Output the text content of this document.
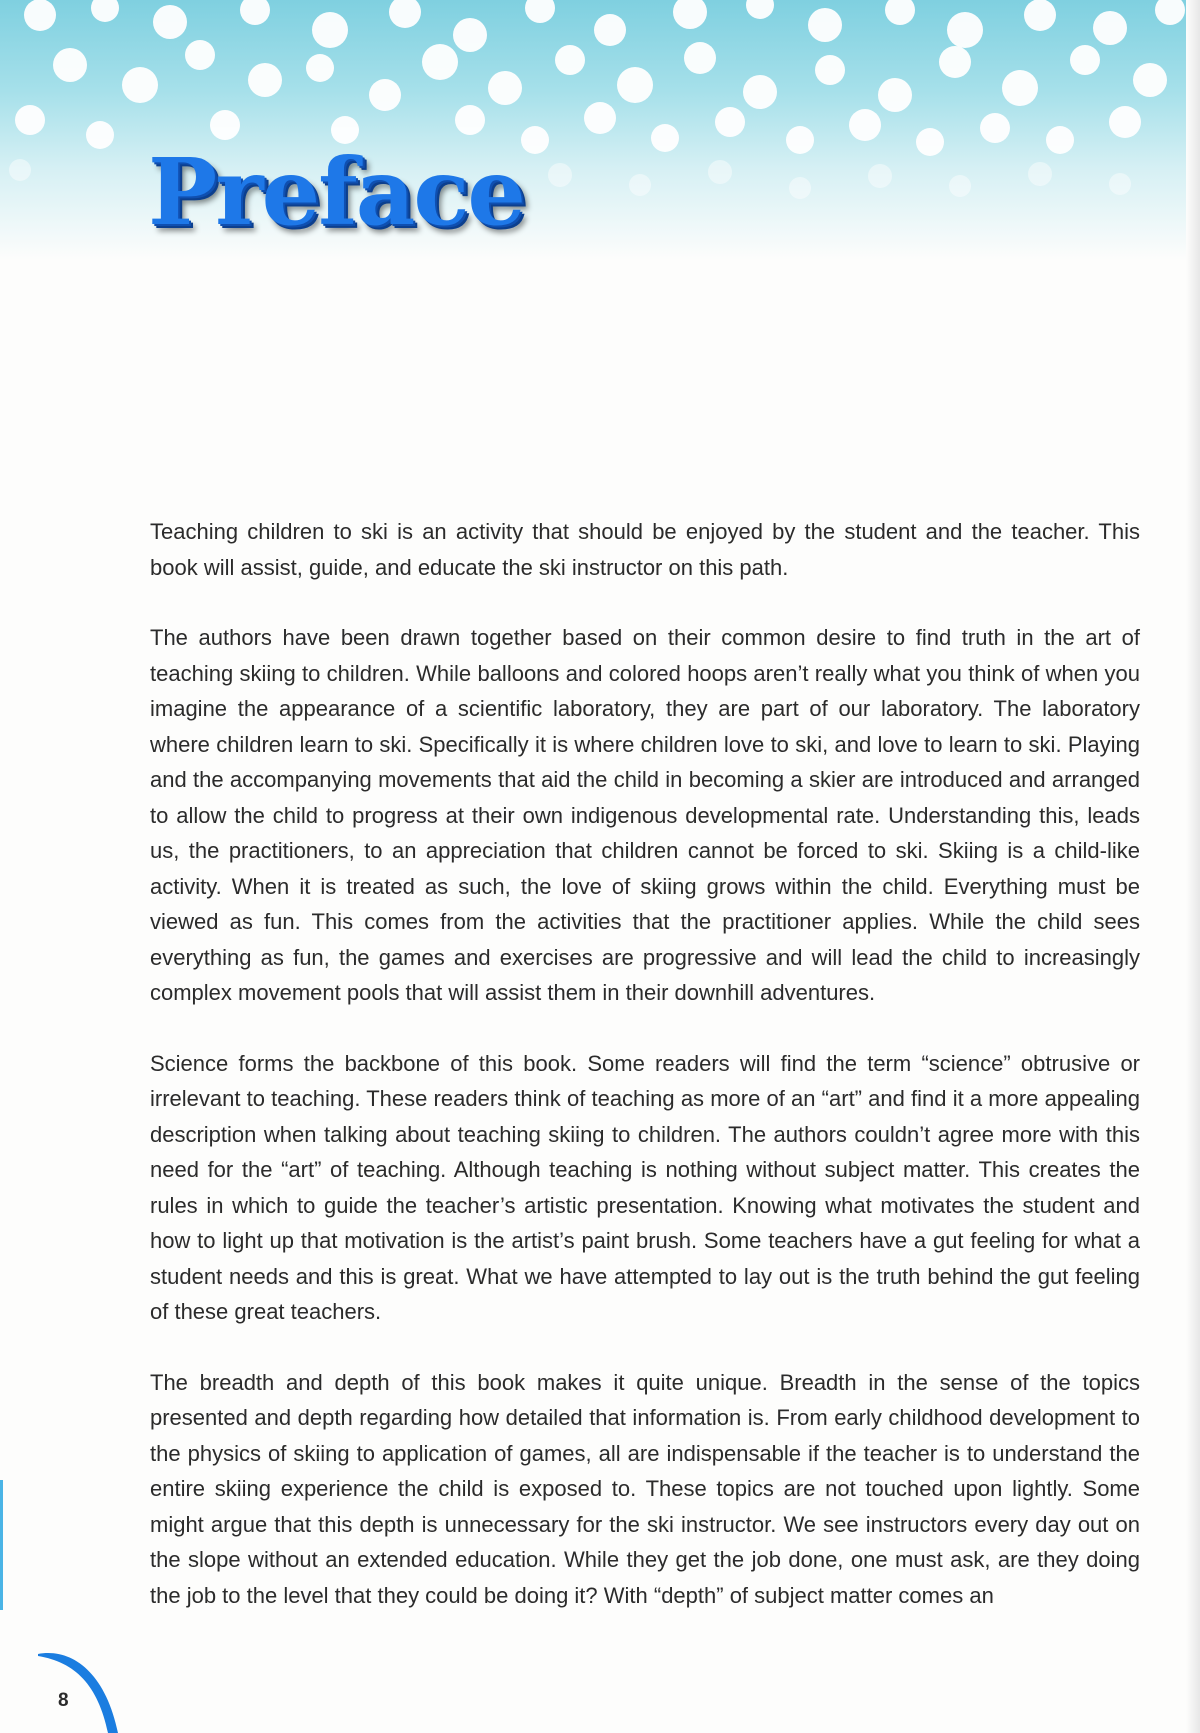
Preface

Teaching children to ski is an activity that should be enjoyed by the student and the teacher. This book will assist, guide, and educate the ski instructor on this path.

The authors have been drawn together based on their common desire to find truth in the art of teaching skiing to children. While balloons and colored hoops aren’t really what you think of when you imagine the appearance of a scientific laboratory, they are part of our laboratory. The laboratory where children learn to ski. Specifically it is where children love to ski, and love to learn to ski. Playing and the accompanying movements that aid the child in becoming a skier are introduced and arranged to allow the child to progress at their own indigenous developmental rate. Understanding this, leads us, the practitioners, to an appreciation that children cannot be forced to ski. Skiing is a child-like activity. When it is treated as such, the love of skiing grows within the child. Everything must be viewed as fun. This comes from the activities that the practitioner applies. While the child sees everything as fun, the games and exercises are progressive and will lead the child to increasingly complex movement pools that will assist them in their downhill adventures.

Science forms the backbone of this book. Some readers will find the term “science” obtrusive or irrelevant to teaching. These readers think of teaching as more of an “art” and find it a more appealing description when talking about teaching skiing to children. The authors couldn’t agree more with this need for the “art” of teaching. Although teaching is nothing without subject matter. This creates the rules in which to guide the teacher’s artistic presentation. Knowing what motivates the student and how to light up that motivation is the artist’s paint brush. Some teachers have a gut feeling for what a student needs and this is great. What we have attempted to lay out is the truth behind the gut feeling of these great teachers.

The breadth and depth of this book makes it quite unique. Breadth in the sense of the topics presented and depth regarding how detailed that information is. From early childhood development to the physics of skiing to application of games, all are indispensable if the teacher is to understand the entire skiing experience the child is exposed to. These topics are not touched upon lightly. Some might argue that this depth is unnecessary for the ski instructor. We see instructors every day out on the slope without an extended education. While they get the job done, one must ask, are they doing the job to the level that they could be doing it? With “depth” of subject matter comes an

8
